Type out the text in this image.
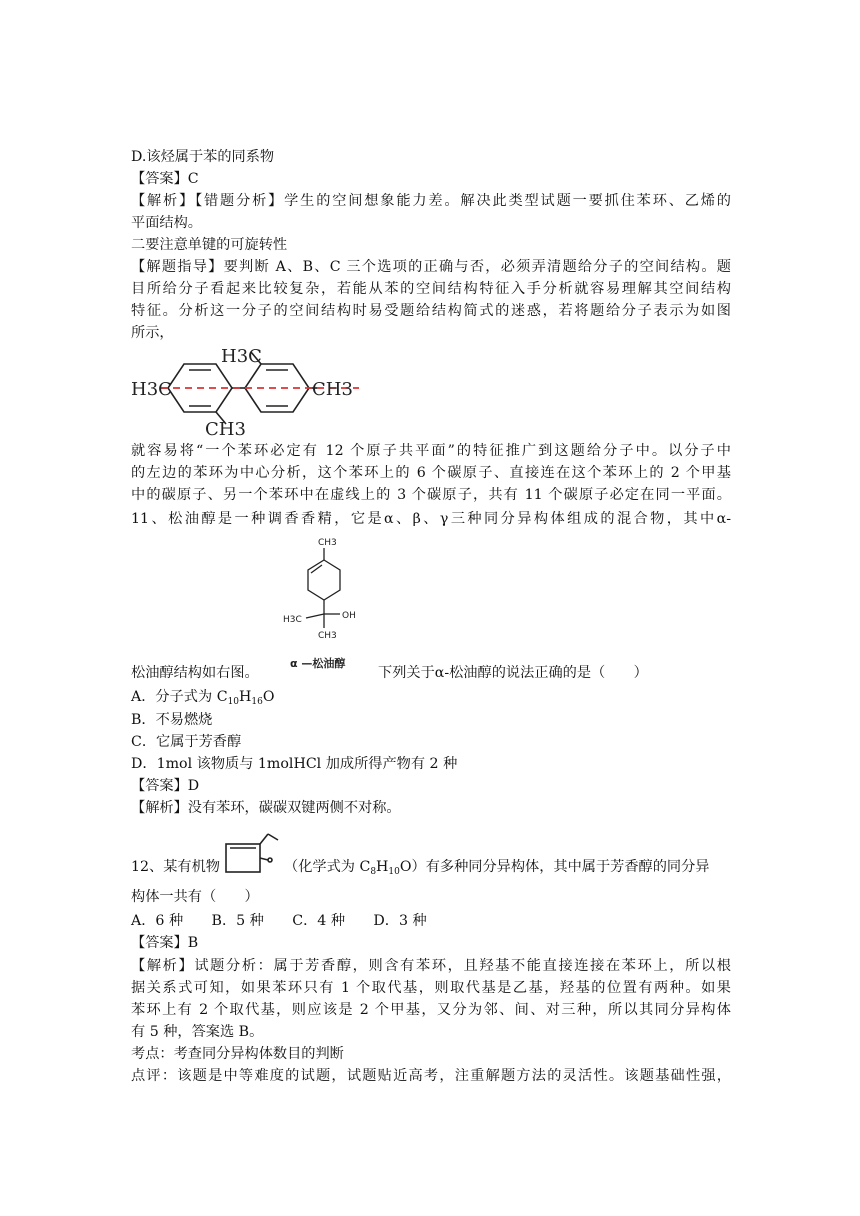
D.该烃属于苯的同系物
【答案】C
【解析】【错题分析】学生的空间想象能力差。解决此类型试题一要抓住苯环、乙烯的
平面结构。
二要注意单键的可旋转性
【解题指导】要判断 A、B、C 三个选项的正确与否，必须弄清题给分子的空间结构。题
目所给分子看起来比较复杂，若能从苯的空间结构特征入手分析就容易理解其空间结构
特征。分析这一分子的空间结构时易受题给结构简式的迷惑，若将题给分子表示为如图
所示，
H3C
H3C
CH3
CH3
就容易将“一个苯环必定有 12 个原子共平面”的特征推广到这题给分子中。以分子中
的左边的苯环为中心分析，这个苯环上的 6 个碳原子、直接连在这个苯环上的 2 个甲基
中的碳原子、另一个苯环中在虚线上的 3 个碳原子，共有 11 个碳原子必定在同一平面。
11、松油醇是一种调香香精，它是α、β、γ三种同分异构体组成的混合物，其中α-
CH3
H3C	OH
CH3
α —松油醇
松油醇结构如右图。	下列关于α-松油醇的说法正确的是（　　）
A．分子式为 $C_{10}H_{16}O$
B．不易燃烧
C．它属于芳香醇
D．1mol 该物质与 1molHCl 加成所得产物有 2 种
【答案】D
【解析】没有苯环，碳碳双键两侧不对称。
12、某有机物	（化学式为 $C_8H_{10}O$）有多种同分异构体，其中属于芳香醇的同分异
构体一共有（　　）
A．6 种　　B．5 种　　C．4 种　　D．3 种
【答案】B
【解析】试题分析：属于芳香醇，则含有苯环，且羟基不能直接连接在苯环上，所以根
据关系式可知，如果苯环只有 1 个取代基，则取代基是乙基，羟基的位置有两种。如果
苯环上有 2 个取代基，则应该是 2 个甲基，又分为邻、间、对三种，所以其同分异构体
有 5 种，答案选 B。
考点：考查同分异构体数目的判断
点评：该题是中等难度的试题，试题贴近高考，注重解题方法的灵活性。该题基础性强，
